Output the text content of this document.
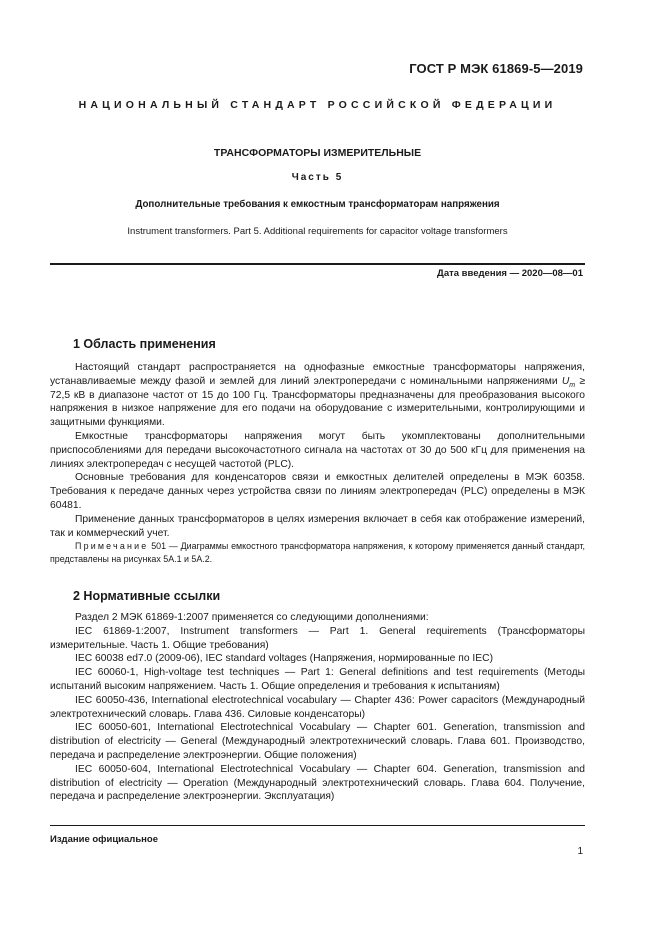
ГОСТ Р МЭК 61869-5—2019
НАЦИОНАЛЬНЫЙ СТАНДАРТ РОССИЙСКОЙ ФЕДЕРАЦИИ
ТРАНСФОРМАТОРЫ ИЗМЕРИТЕЛЬНЫЕ
Часть 5
Дополнительные требования к емкостным трансформаторам напряжения
Instrument transformers. Part 5. Additional requirements for capacitor voltage transformers
Дата введения — 2020—08—01
1 Область применения

Настоящий стандарт распространяется на однофазные емкостные трансформаторы напряжения, устанавливаемые между фазой и землей для линий электропередачи с номинальными напряжениями $U_m \ge 72,5$ кВ в диапазоне частот от 15 до 100 Гц. Трансформаторы предназначены для преобразования высокого напряжения в низкое напряжение для его подачи на оборудование с измерительными, контролирующими и защитными функциями.

Емкостные трансформаторы напряжения могут быть укомплектованы дополнительными приспособлениями для передачи высокочастотного сигнала на частотах от 30 до 500 кГц для применения на линиях электропередач с несущей частотой (PLC).

Основные требования для конденсаторов связи и емкостных делителей определены в МЭК 60358. Требования к передаче данных через устройства связи по линиям электропередач (PLC) определены в МЭК 60481.

Применение данных трансформаторов в целях измерения включает в себя как отображение измерений, так и коммерческий учет.

Примечание 501 — Диаграммы емкостного трансформатора напряжения, к которому применяется данный стандарт, представлены на рисунках 5А.1 и 5А.2.

2 Нормативные ссылки

Раздел 2 МЭК 61869-1:2007 применяется со следующими дополнениями:

IEC 61869-1:2007, Instrument transformers — Part 1. General requirements (Трансформаторы измерительные. Часть 1. Общие требования)

IEC 60038 ed7.0 (2009-06), IEC standard voltages (Напряжения, нормированные по IEC)

IEC 60060-1, High-voltage test techniques — Part 1: General definitions and test requirements (Методы испытаний высоким напряжением. Часть 1. Общие определения и требования к испытаниям)

IEC 60050-436, International electrotechnical vocabulary — Chapter 436: Power capacitors (Международный электротехнический словарь. Глава 436. Силовые конденсаторы)

IEC 60050-601, International Electrotechnical Vocabulary — Chapter 601. Generation, transmission and distribution of electricity — General (Международный электротехнический словарь. Глава 601. Производство, передача и распределение электроэнергии. Общие положения)

IEC 60050-604, International Electrotechnical Vocabulary — Chapter 604. Generation, transmission and distribution of electricity — Operation (Международный электротехнический словарь. Глава 604. Получение, передача и распределение электроэнергии. Эксплуатация)

Издание официальное
1
